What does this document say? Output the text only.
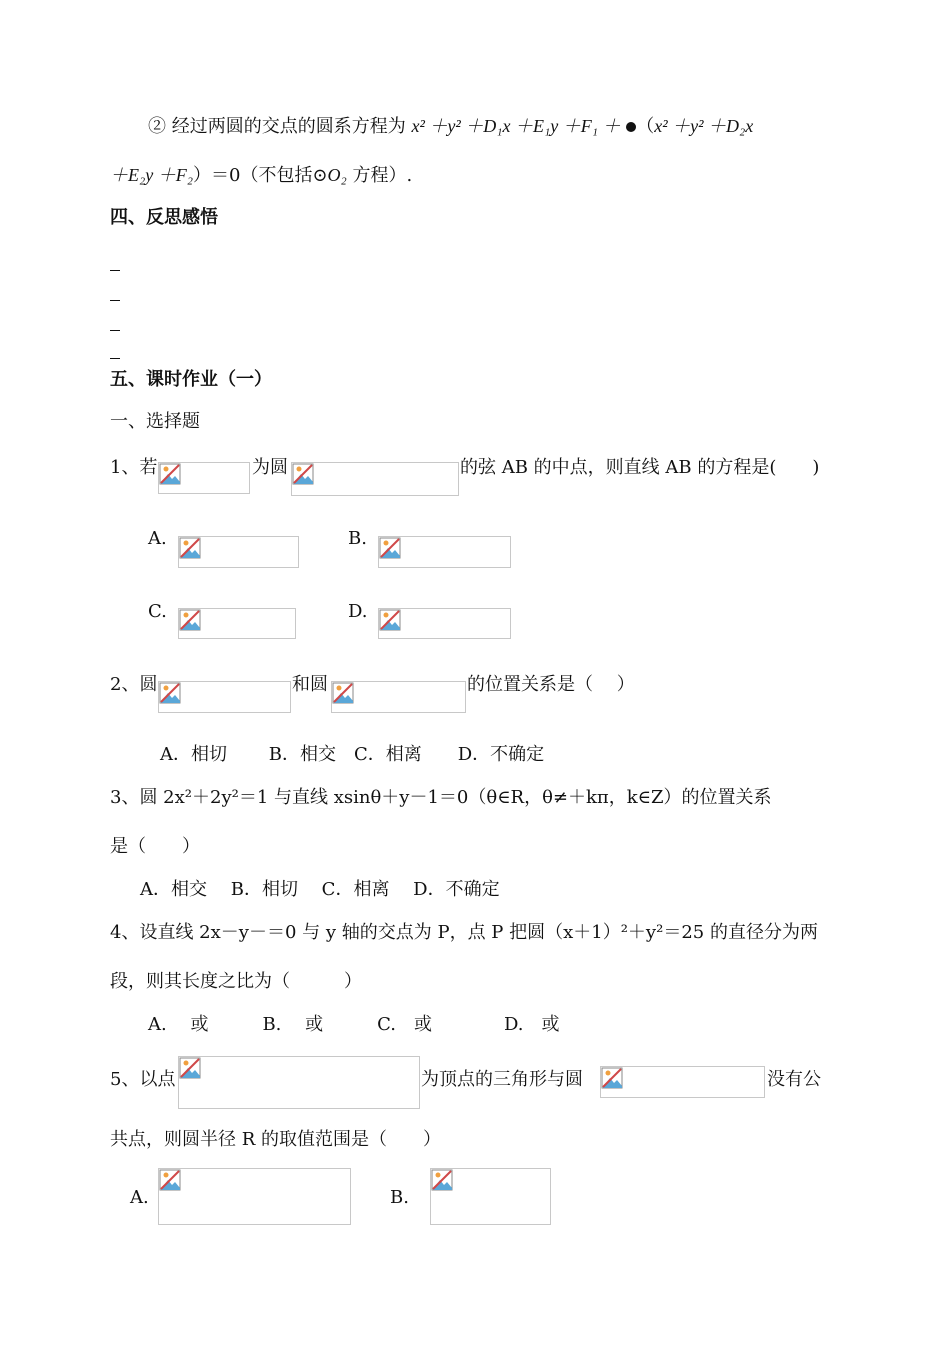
② 经过两圆的交点的圆系方程为 x² ＋y² ＋D₁x ＋E₁y ＋F₁ ＋ （x² ＋y² ＋D₂x
＋E₂y ＋F₂）＝0（不包括⊙O₂ 方程）.
四、反思感悟
五、课时作业（一）
一、选择题
1、若	为圆	的弦 AB 的中点，则直线 AB 的方程是(　　)
A.	B.
C.	D.
2、圆	和圆	的位置关系是（　 ）
A．相切　　 B．相交　C．相离　　D．不确定
3、圆 2x²＋2y²＝1 与直线 xsinθ＋y－1＝0（θ∈R，θ≠＋kπ，k∈Z）的位置关系
是（　　）
A．相交　 B．相切　 C．相离　 D．不确定
4、设直线 2x－y－＝0 与 y 轴的交点为 P，点 P 把圆（x＋1）²＋y²＝25 的直径分为两
段，则其长度之比为（　　　）
A.　 或　　　B.　 或　　　C.　或　　　　D.　或
5、以点	为顶点的三角形与圆	没有公
共点，则圆半径 R 的取值范围是（　　）
A.	B.
